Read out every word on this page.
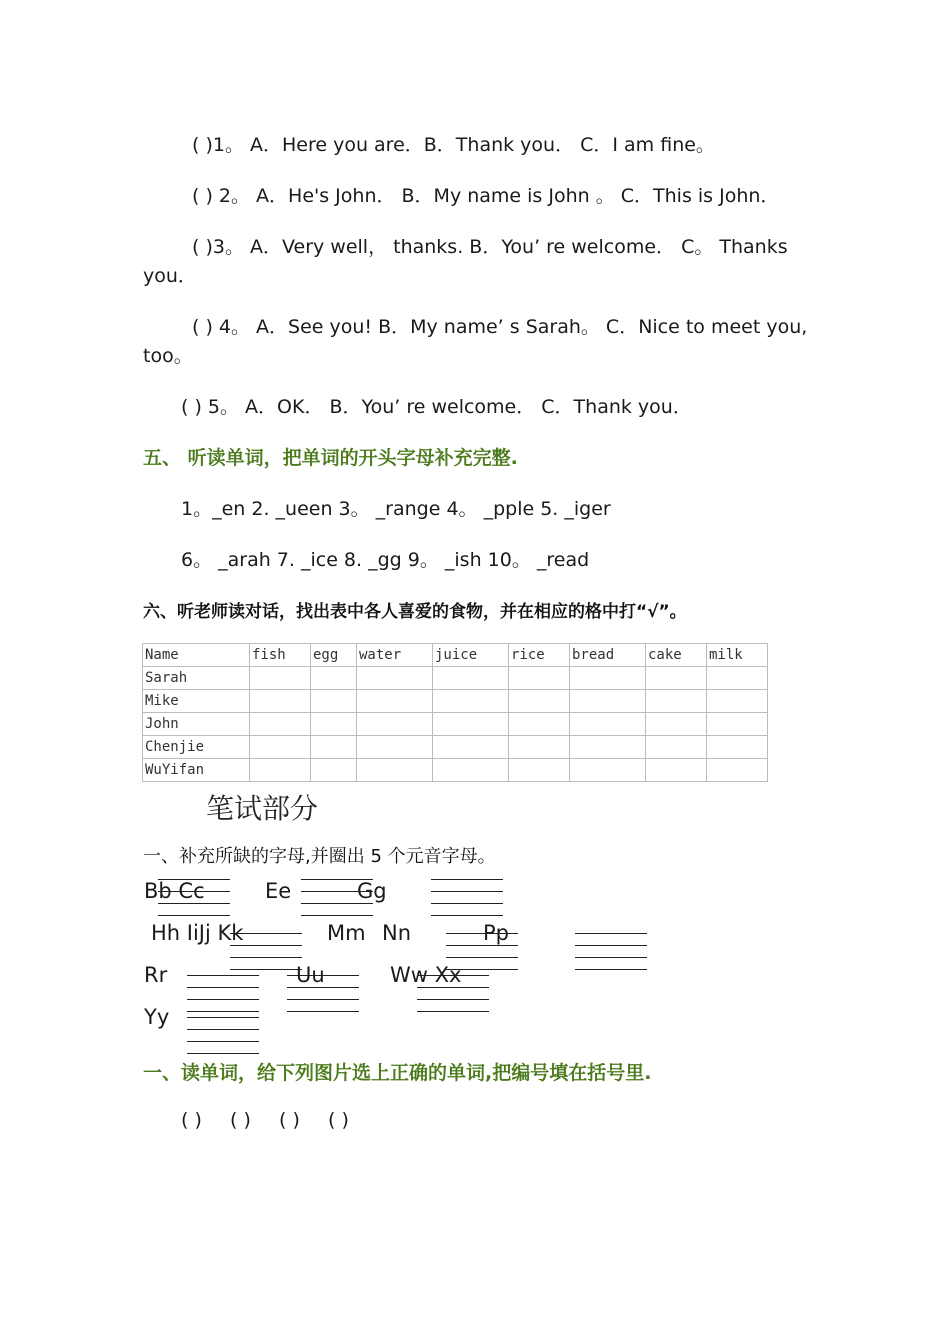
( )1。 A．Here you are．B．Thank you． C．I am fine。
( ) 2。 A．He's John． B．My name is John 。 C．This is John．
( )3。 A．Very well， thanks. B．You’ re welcome． C。 Thanks
you．
( ) 4。 A．See you! B．My name’ s Sarah。 C．Nice to meet you,
too。
( ) 5。 A．OK． B．You’ re welcome． C．Thank you．
五、 听读单词，把单词的开头字母补充完整.
1。_en 2. _ueen 3。 _range 4。 _pple 5. _iger
6。 _arah 7. _ice 8. _gg 9。 _ish 10。 _read
六、听老师读对话，找出表中各人喜爱的食物，并在相应的格中打“√”。
Name	fish	egg	water	juice	rice	bread	cake	milk
Sarah								
Mike								
John								
Chenjie								
WuYifan								
笔试部分
一、补充所缺的字母,并圈出 5 个元音字母。
Bb Cc	Ee	Gg
Hh IiJj Kk	Mm Nn	Pp
Rr	Uu	Ww Xx
Yy
一、读单词，给下列图片选上正确的单词,把编号填在括号里.
( ) ( ) ( ) ( )
